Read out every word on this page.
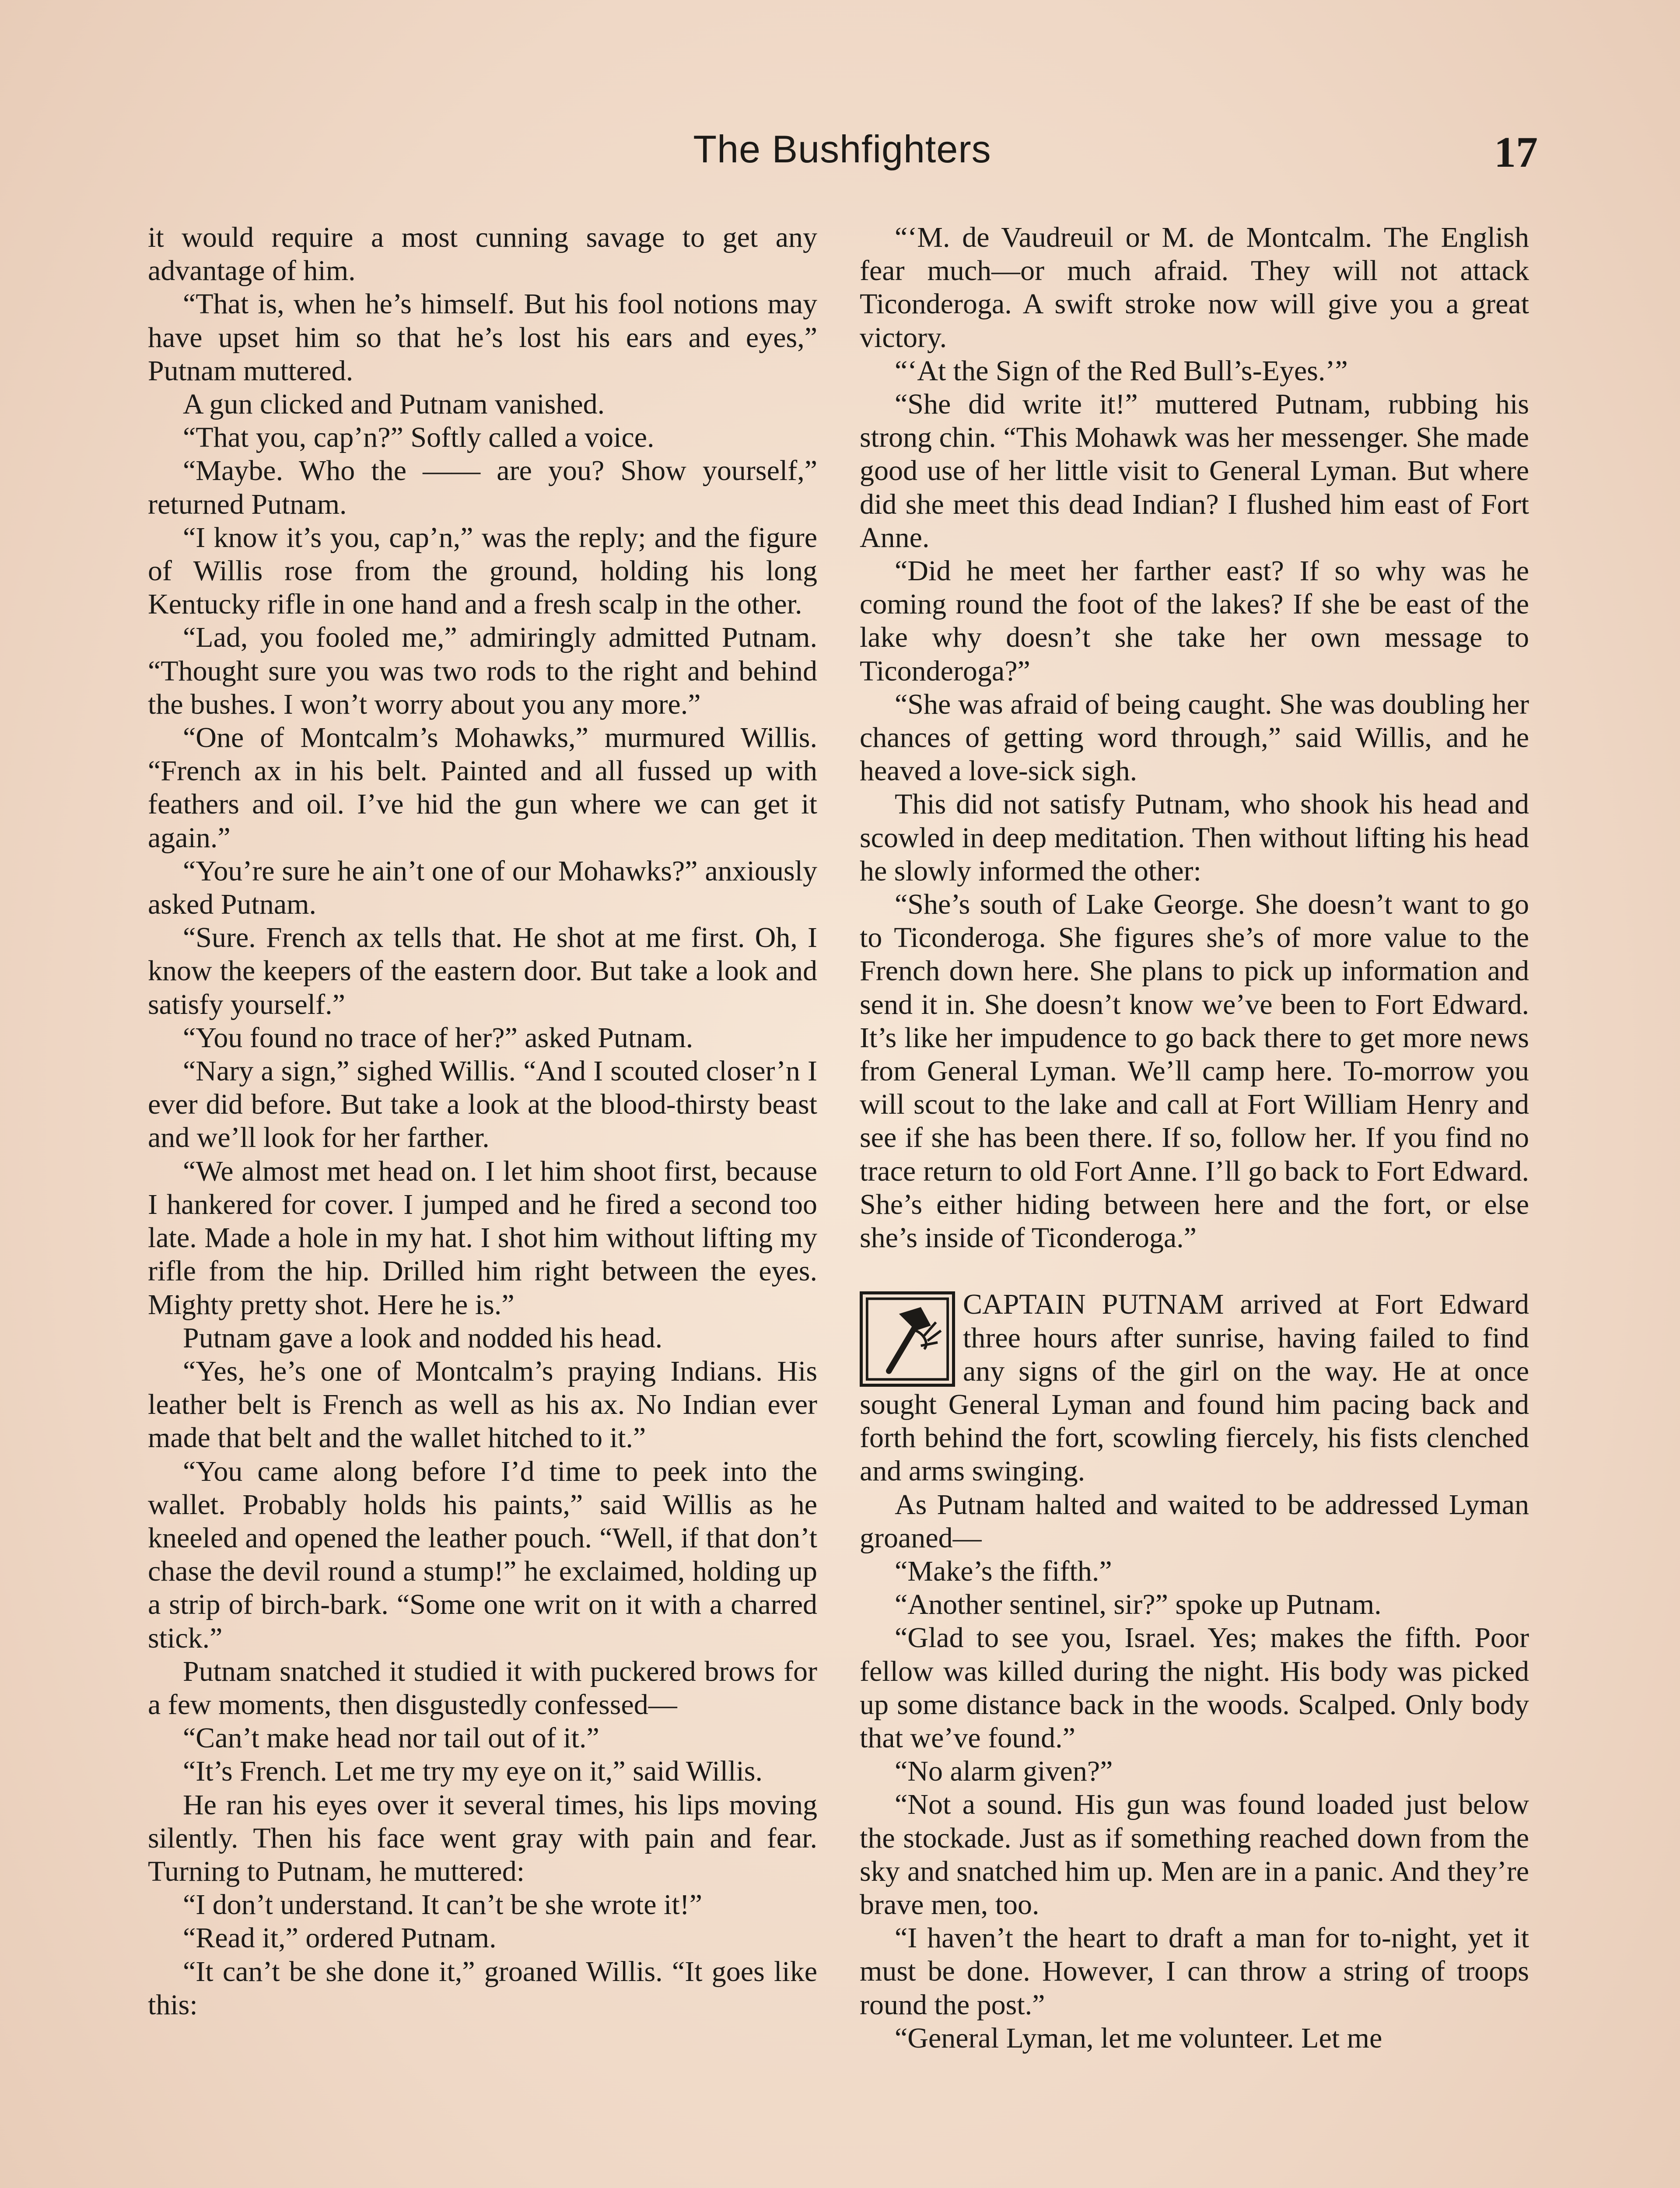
The Bushfighters	17

it would require a most cunning savage to get any advantage of him.

“That is, when he’s himself. But his fool notions may have upset him so that he’s lost his ears and eyes,” Putnam muttered.

A gun clicked and Putnam vanished.

“That you, cap’n?” Softly called a voice.

“Maybe. Who the —— are you? Show yourself,” returned Putnam.

“I know it’s you, cap’n,” was the reply; and the figure of Willis rose from the ground, holding his long Kentucky rifle in one hand and a fresh scalp in the other.

“Lad, you fooled me,” admiringly admitted Putnam. “Thought sure you was two rods to the right and behind the bushes. I won’t worry about you any more.”

“One of Montcalm’s Mohawks,” murmured Willis. “French ax in his belt. Painted and all fussed up with feathers and oil. I’ve hid the gun where we can get it again.”

“You’re sure he ain’t one of our Mohawks?” anxiously asked Putnam.

“Sure. French ax tells that. He shot at me first. Oh, I know the keepers of the eastern door. But take a look and satisfy yourself.”

“You found no trace of her?” asked Putnam.

“Nary a sign,” sighed Willis. “And I scouted closer’n I ever did before. But take a look at the blood-thirsty beast and we’ll look for her farther.

“We almost met head on. I let him shoot first, because I hankered for cover. I jumped and he fired a second too late. Made a hole in my hat. I shot him without lifting my rifle from the hip. Drilled him right between the eyes. Mighty pretty shot. Here he is.”

Putnam gave a look and nodded his head.

“Yes, he’s one of Montcalm’s praying Indians. His leather belt is French as well as his ax. No Indian ever made that belt and the wallet hitched to it.”

“You came along before I’d time to peek into the wallet. Probably holds his paints,” said Willis as he kneeled and opened the leather pouch. “Well, if that don’t chase the devil round a stump!” he exclaimed, holding up a strip of birch-bark. “Some one writ on it with a charred stick.”

Putnam snatched it studied it with puckered brows for a few moments, then disgustedly confessed—

“Can’t make head nor tail out of it.”

“It’s French. Let me try my eye on it,” said Willis.

He ran his eyes over it several times, his lips moving silently. Then his face went gray with pain and fear. Turning to Putnam, he muttered:

“I don’t understand. It can’t be she wrote it!”

“Read it,” ordered Putnam.

“It can’t be she done it,” groaned Willis. “It goes like this:

“‘M. de Vaudreuil or M. de Montcalm. The English fear much—or much afraid. They will not attack Ticonderoga. A swift stroke now will give you a great victory.

“‘At the Sign of the Red Bull’s-Eyes.’”

“She did write it!” muttered Putnam, rubbing his strong chin. “This Mohawk was her messenger. She made good use of her little visit to General Lyman. But where did she meet this dead Indian? I flushed him east of Fort Anne.

“Did he meet her farther east? If so why was he coming round the foot of the lakes? If she be east of the lake why doesn’t she take her own message to Ticonderoga?”

“She was afraid of being caught. She was doubling her chances of getting word through,” said Willis, and he heaved a love-sick sigh.

This did not satisfy Putnam, who shook his head and scowled in deep meditation. Then without lifting his head he slowly informed the other:

“She’s south of Lake George. She doesn’t want to go to Ticonderoga. She figures she’s of more value to the French down here. She plans to pick up information and send it in. She doesn’t know we’ve been to Fort Edward. It’s like her impudence to go back there to get more news from General Lyman. We’ll camp here. To-morrow you will scout to the lake and call at Fort William Henry and see if she has been there. If so, follow her. If you find no trace return to old Fort Anne. I’ll go back to Fort Edward. She’s either hiding between here and the fort, or else she’s inside of Ticonderoga.”

CAPTAIN PUTNAM arrived at Fort Edward three hours after sunrise, having failed to find any signs of the girl on the way. He at once sought General Lyman and found him pacing back and forth behind the fort, scowling fiercely, his fists clenched and arms swinging.

As Putnam halted and waited to be addressed Lyman groaned—

“Make’s the fifth.”

“Another sentinel, sir?” spoke up Putnam.

“Glad to see you, Israel. Yes; makes the fifth. Poor fellow was killed during the night. His body was picked up some distance back in the woods. Scalped. Only body that we’ve found.”

“No alarm given?”

“Not a sound. His gun was found loaded just below the stockade. Just as if something reached down from the sky and snatched him up. Men are in a panic. And they’re brave men, too.

“I haven’t the heart to draft a man for to-night, yet it must be done. However, I can throw a string of troops round the post.”

“General Lyman, let me volunteer. Let me
